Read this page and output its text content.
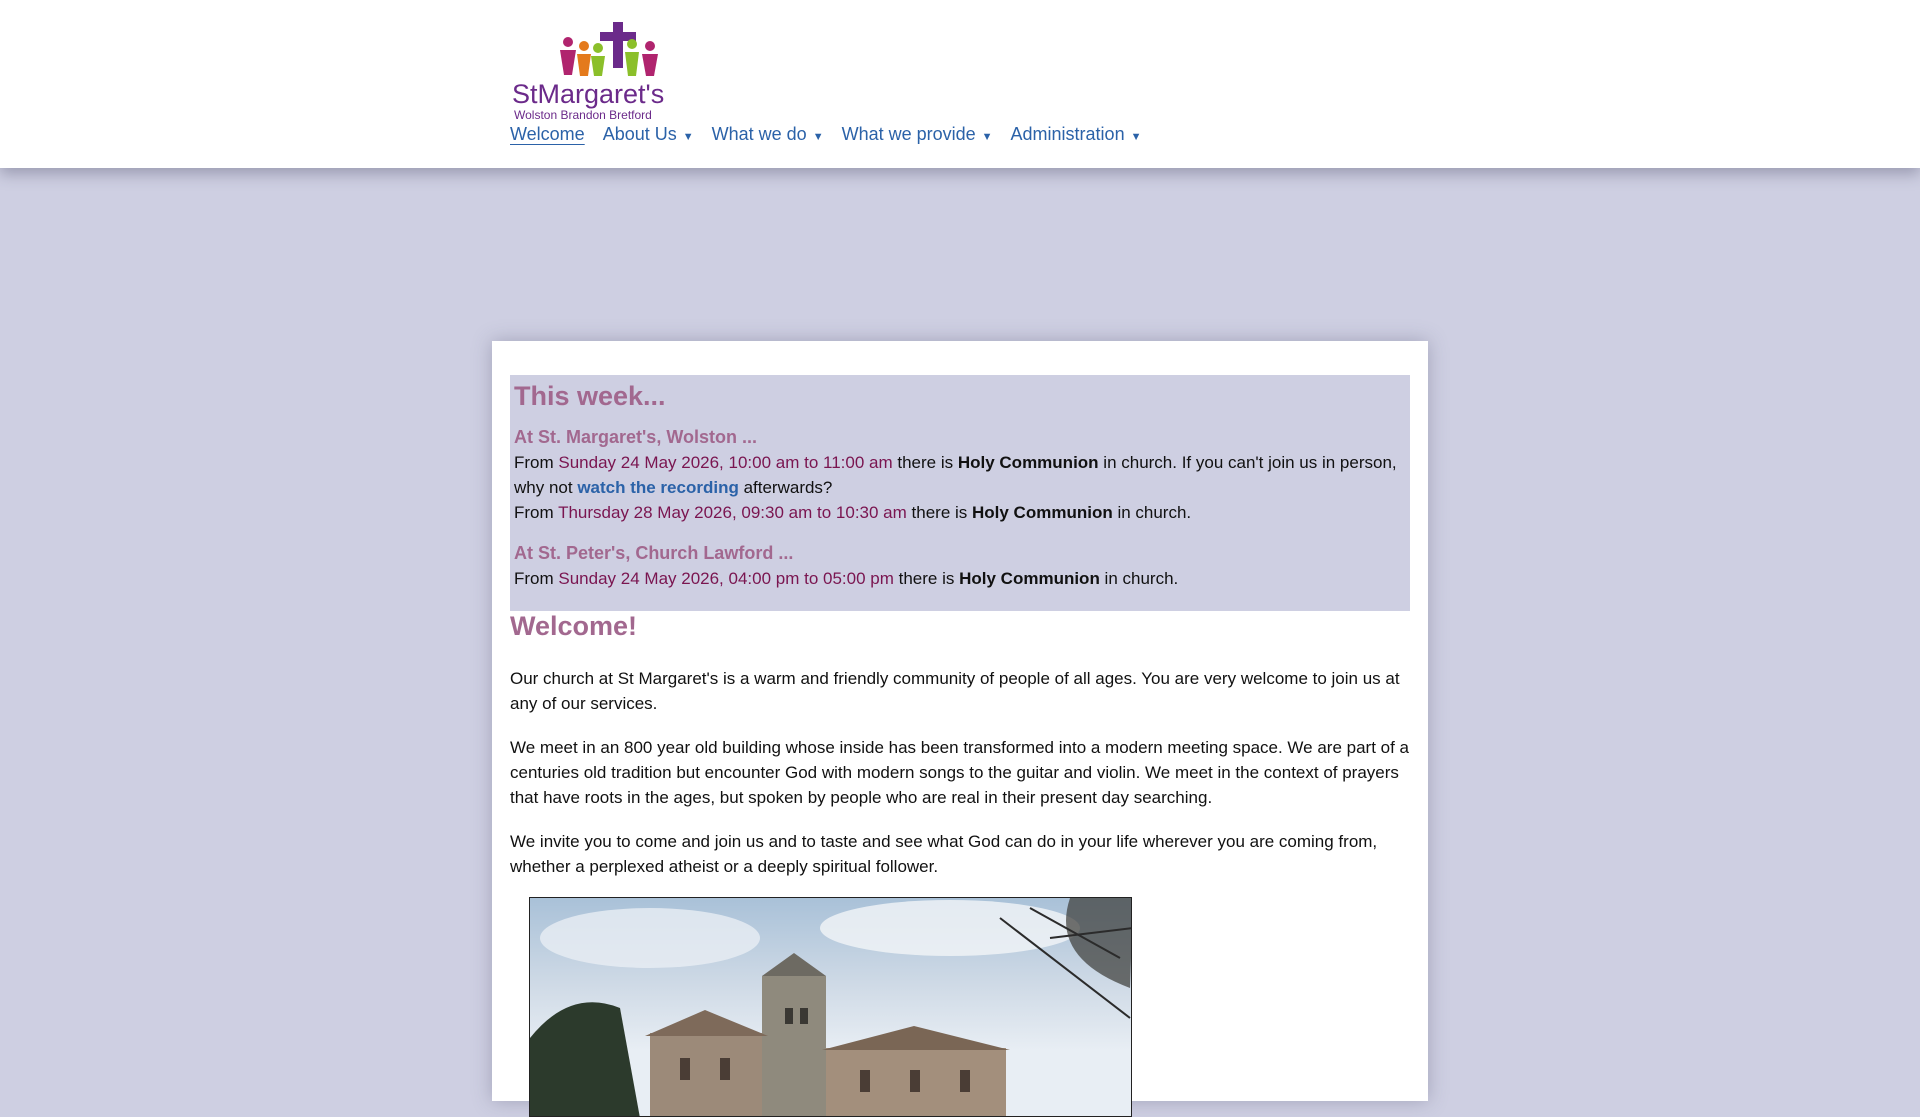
StMargaret's
Wolston Brandon Bretford
Welcome About Us ▼ What we do ▼ What we provide ▼ Administration ▼
This week...
At St. Margaret's, Wolston ...
From Sunday 24 May 2026, 10:00 am to 11:00 am there is Holy Communion in church. If you can't join us in person, why not watch the recording afterwards?
From Thursday 28 May 2026, 09:30 am to 10:30 am there is Holy Communion in church.
At St. Peter's, Church Lawford ...
From Sunday 24 May 2026, 04:00 pm to 05:00 pm there is Holy Communion in church.
Welcome!

Our church at St Margaret's is a warm and friendly community of people of all ages. You are very welcome to join us at any of our services.

We meet in an 800 year old building whose inside has been transformed into a modern meeting space. We are part of a centuries old tradition but encounter God with modern songs to the guitar and violin. We meet in the context of prayers that have roots in the ages, but spoken by people who are real in their present day searching.

We invite you to come and join us and to taste and see what God can do in your life wherever you are coming from, whether a perplexed atheist or a deeply spiritual follower.
